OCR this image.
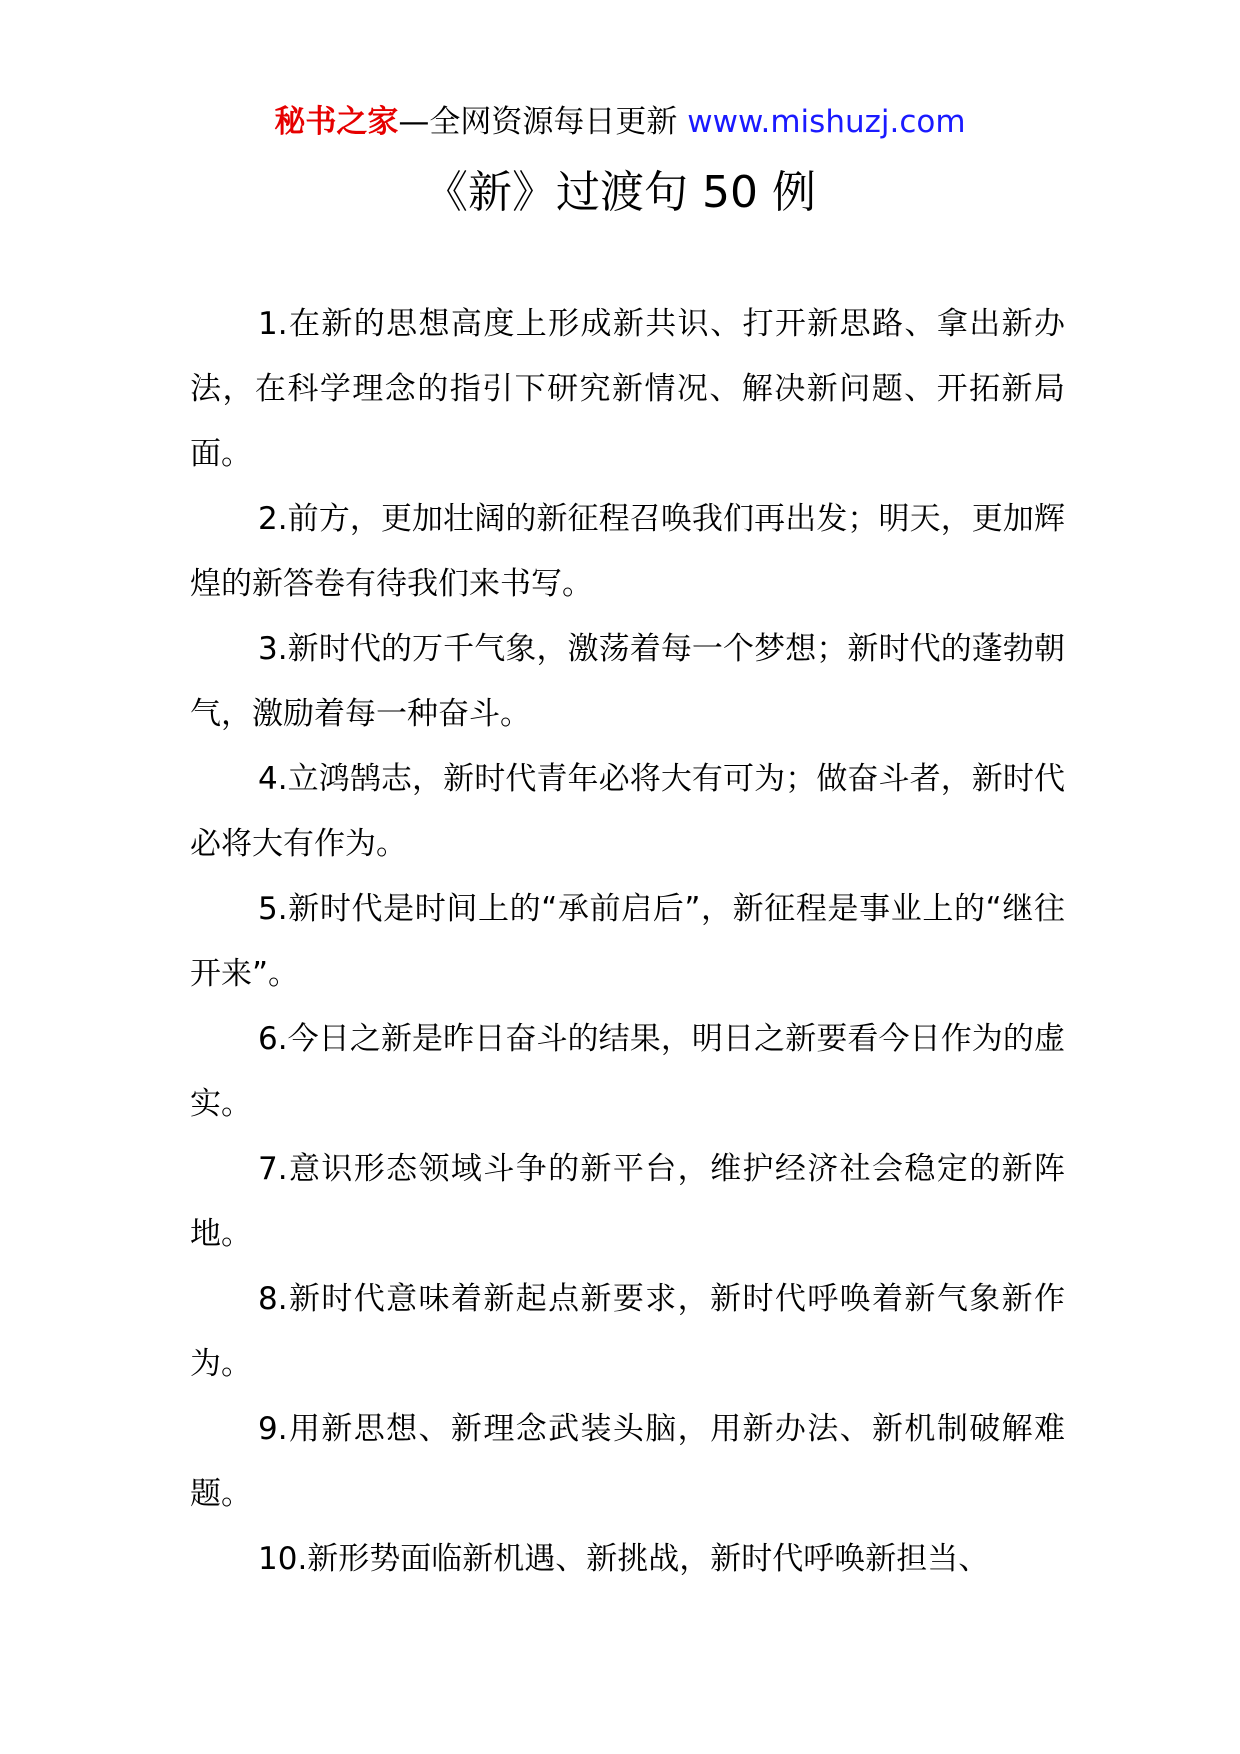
秘书之家—全网资源每日更新 www.mishuzj.com
《新》过渡句 50 例

1.在新的思想高度上形成新共识、打开新思路、拿出新办法，在科学理念的指引下研究新情况、解决新问题、开拓新局面。

2.前方，更加壮阔的新征程召唤我们再出发；明天，更加辉煌的新答卷有待我们来书写。

3.新时代的万千气象，激荡着每一个梦想；新时代的蓬勃朝气，激励着每一种奋斗。

4.立鸿鹄志，新时代青年必将大有可为；做奋斗者，新时代必将大有作为。

5.新时代是时间上的“承前启后”，新征程是事业上的“继往开来”。

6.今日之新是昨日奋斗的结果，明日之新要看今日作为的虚实。

7.意识形态领域斗争的新平台，维护经济社会稳定的新阵地。

8.新时代意味着新起点新要求，新时代呼唤着新气象新作为。

9.用新思想、新理念武装头脑，用新办法、新机制破解难题。

10.新形势面临新机遇、新挑战，新时代呼唤新担当、
